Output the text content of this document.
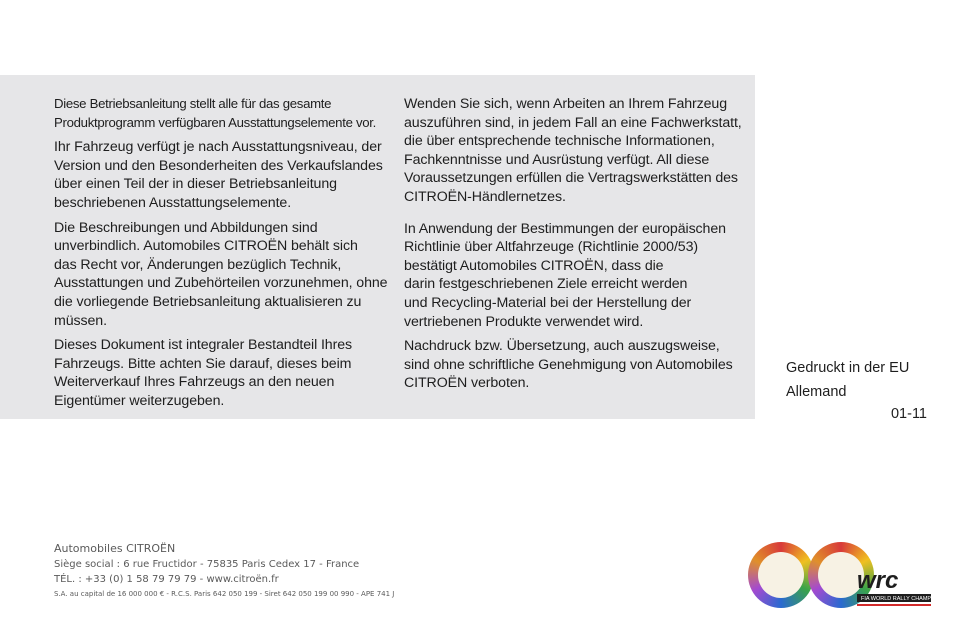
Diese Betriebsanleitung stellt alle für das gesamte
Produktprogramm verfügbaren Ausstattungselemente vor.

Ihr Fahrzeug verfügt je nach Ausstattungsniveau, der
Version und den Besonderheiten des Verkaufslandes
über einen Teil der in dieser Betriebsanleitung
beschriebenen Ausstattungselemente.

Die Beschreibungen und Abbildungen sind
unverbindlich. Automobiles CITROËN behält sich
das Recht vor, Änderungen bezüglich Technik,
Ausstattungen und Zubehörteilen vorzunehmen, ohne
die vorliegende Betriebsanleitung aktualisieren zu
müssen.

Dieses Dokument ist integraler Bestandteil Ihres
Fahrzeugs. Bitte achten Sie darauf, dieses beim
Weiterverkauf Ihres Fahrzeugs an den neuen
Eigentümer weiterzugeben.

Wenden Sie sich, wenn Arbeiten an Ihrem Fahrzeug
auszuführen sind, in jedem Fall an eine Fachwerkstatt,
die über entsprechende technische Informationen,
Fachkenntnisse und Ausrüstung verfügt. All diese
Voraussetzungen erfüllen die Vertragswerkstätten des
CITROËN-Händlernetzes.

In Anwendung der Bestimmungen der europäischen
Richtlinie über Altfahrzeuge (Richtlinie 2000/53)
bestätigt Automobiles CITROËN, dass die
darin festgeschriebenen Ziele erreicht werden
und Recycling-Material bei der Herstellung der
vertriebenen Produkte verwendet wird.

Nachdruck bzw. Übersetzung, auch auszugsweise,
sind ohne schriftliche Genehmigung von Automobiles
CITROËN verboten.

Gedruckt in der EU
Allemand
01-11
Automobiles CITROËN
Siège social : 6 rue Fructidor - 75835 Paris Cedex 17 - France
TÉL. : +33 (0) 1 58 79 79 79 - www.citroën.fr
S.A. au capital de 16 000 000 € - R.C.S. Paris 642 050 199 - Siret 642 050 199 00 990 - APE 741 J	wrc
FIA WORLD RALLY CHAMPIONSHIP
